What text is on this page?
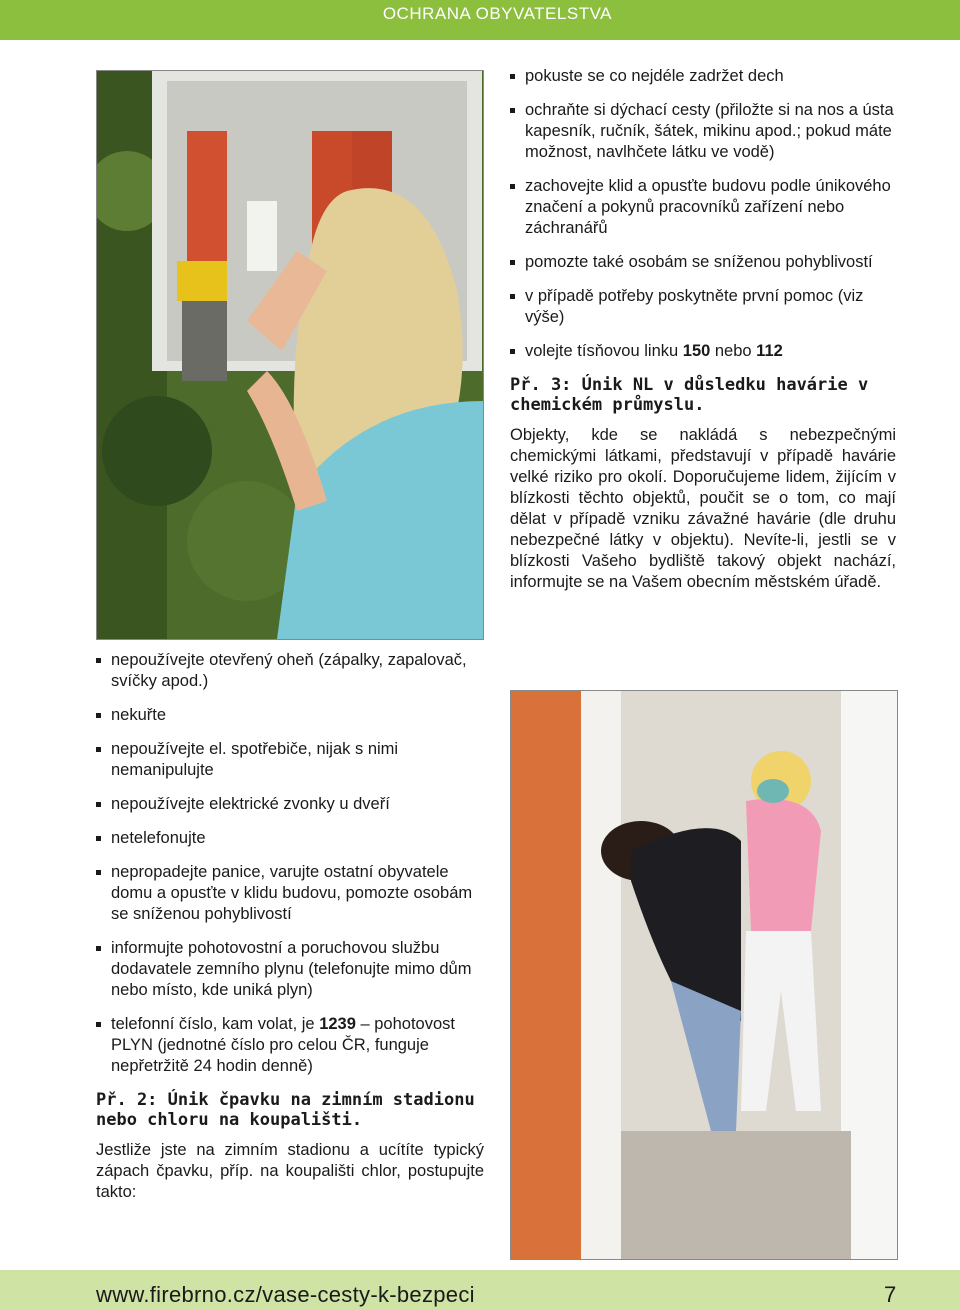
OCHRANA OBYVATELSTVA
pokuste se co nejdéle zadržet dech
ochraňte si dýchací cesty (přiložte si na nos a ústa kapesník, ručník, šátek, mikinu apod.; pokud máte možnost, navlhčete látku ve vodě)
zachovejte klid a opusťte budovu podle únikového značení a pokynů pracovníků zařízení nebo záchranářů
pomozte také osobám se sníženou pohyblivostí
v případě potřeby poskytněte první pomoc (viz výše)
volejte tísňovou linku 150 nebo 112
Př. 3: Únik NL v důsledku havárie v chemickém průmyslu.

Objekty, kde se nakládá s nebezpečnými chemickými látkami, představují v případě havárie velké riziko pro okolí. Doporučujeme lidem, žijícím v blízkosti těchto objektů, poučit se o tom, co mají dělat v případě vzniku závažné havárie (dle druhu nebezpečné látky v objektu). Nevíte-li, jestli se v blízkosti Vašeho bydliště takový objekt nachází, informujte se na Vašem obecním městském úřadě.

nepoužívejte otevřený oheň (zápalky, zapalovač, svíčky apod.)
nekuřte
nepoužívejte el. spotřebiče, nijak s nimi nemanipulujte
nepoužívejte elektrické zvonky u dveří
netelefonujte
nepropadejte panice, varujte ostatní obyvatele domu a opusťte v klidu budovu, pomozte osobám se sníženou pohyblivostí
informujte pohotovostní a poruchovou službu dodavatele zemního plynu (telefonujte mimo dům nebo místo, kde uniká plyn)
telefonní číslo, kam volat, je 1239 – pohotovost PLYN (jednotné číslo pro celou ČR, funguje nepřetržitě 24 hodin denně)
Př. 2: Únik čpavku na zimním stadionu nebo chloru na koupališti.

Jestliže jste na zimním stadionu a ucítíte typický zápach čpavku, příp. na koupališti chlor, postupujte takto:

www.firebrno.cz/vase-cesty-k-bezpeci	7
